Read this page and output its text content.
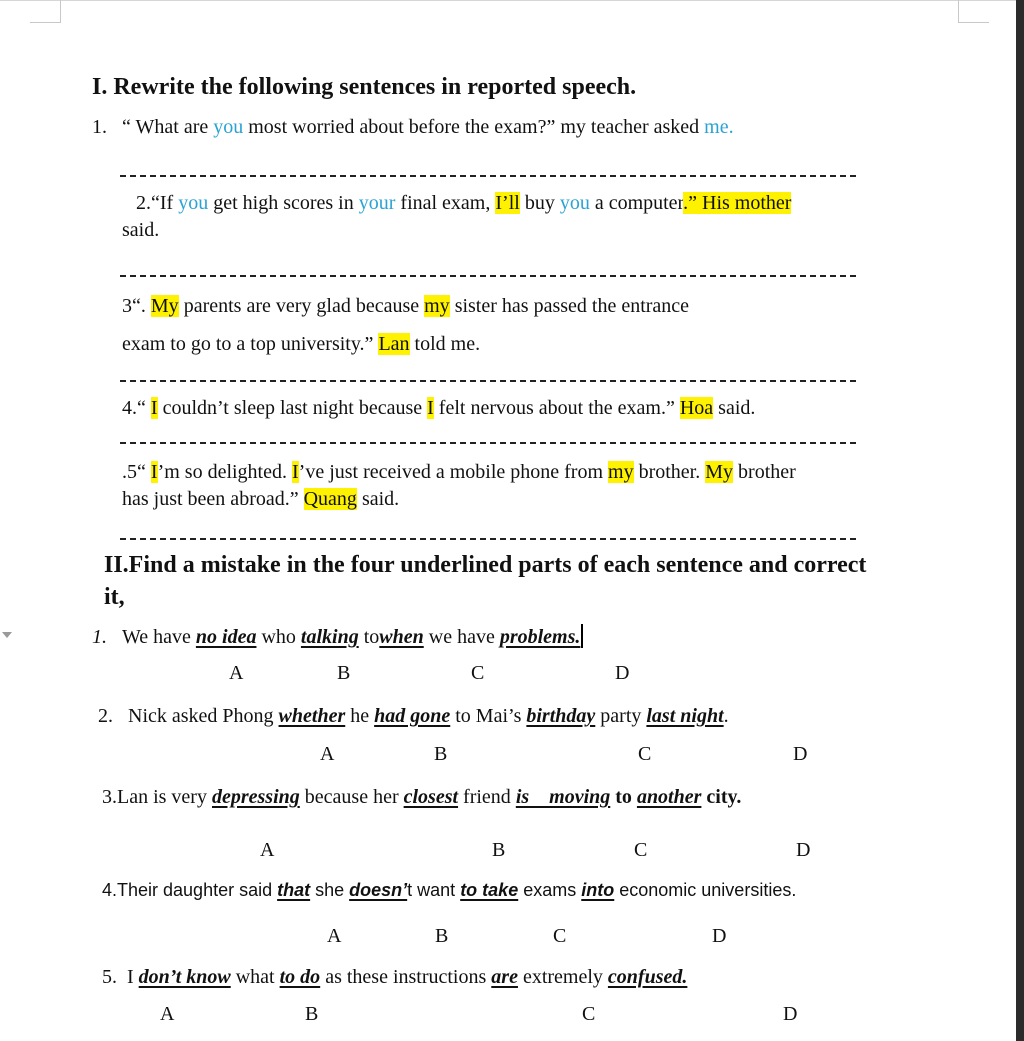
I. Rewrite the following sentences in reported speech.
1. “ What are you most worried about before the exam?” my teacher asked me.
2.“If you get high scores in your final exam, I’ll buy you a computer.” His mother
said.
3“. My parents are very glad because my sister has passed the entrance
exam to go to a top university.” Lan told me.
4.“ I couldn’t sleep last night because I felt nervous about the exam.” Hoa said.
.5“ I’m so delighted. I’ve just received a mobile phone from my brother. My brother
has just been abroad.” Quang said.
II.Find a mistake in the four underlined parts of each sentence and correct
it,
1. We have no idea who talking towhen we have problems.
A	B	C	D
2. Nick asked Phong whether he had gone to Mai’s birthday party last night.
A	B	C	D
3.Lan is very depressing because her closest friend is    moving to another city.
A	B	C	D
4.Their daughter said that she doesn’t want to take exams into economic universities.
A	B	C	D
5. I don’t know what to do as these instructions are extremely confused.
A	B	C	D
